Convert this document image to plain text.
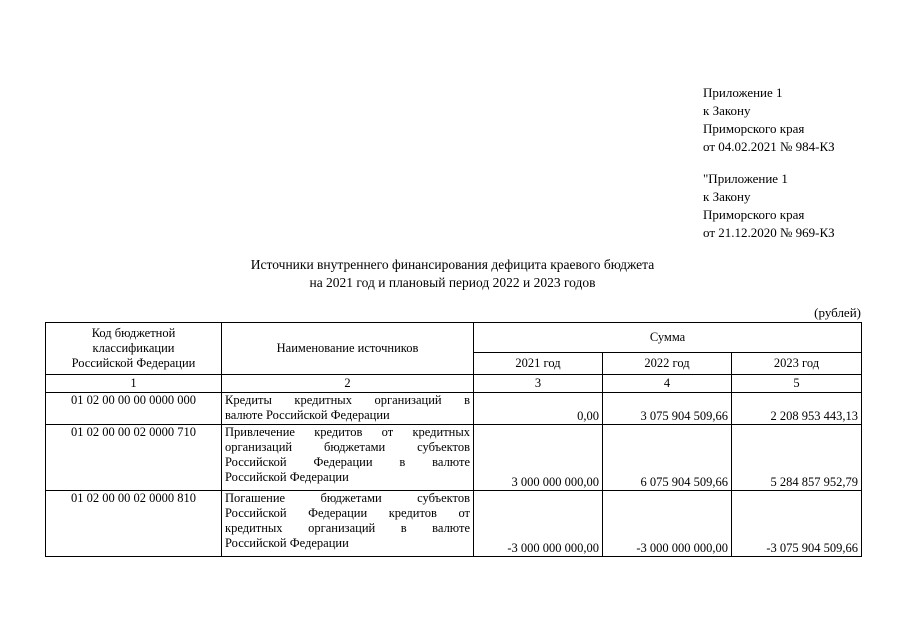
Приложение 1
к Закону
Приморского края
от 04.02.2021 № 984-КЗ
"Приложение 1
к Закону
Приморского края
от 21.12.2020 № 969-КЗ
Источники внутреннего финансирования дефицита краевого бюджета
на 2021 год и плановый период 2022 и 2023 годов
(рублей)
Код бюджетной
классификации
Российской Федерации	Наименование источников	Сумма		
		2021 год	2022 год	2023 год
1	2	3	4	5
01 02 00 00 00 0000 000	Кредиты кредитных организаций в
валюте Российской Федерации	0,00	3 075 904 509,66	2 208 953 443,13
01 02 00 00 02 0000 710	Привлечение кредитов от кредитных
организаций бюджетами субъектов
Российской Федерации в валюте
Российской Федерации	3 000 000 000,00	6 075 904 509,66	5 284 857 952,79
01 02 00 00 02 0000 810	Погашение бюджетами субъектов
Российской Федерации кредитов от
кредитных организаций в валюте
Российской Федерации	-3 000 000 000,00	-3 000 000 000,00	-3 075 904 509,66
